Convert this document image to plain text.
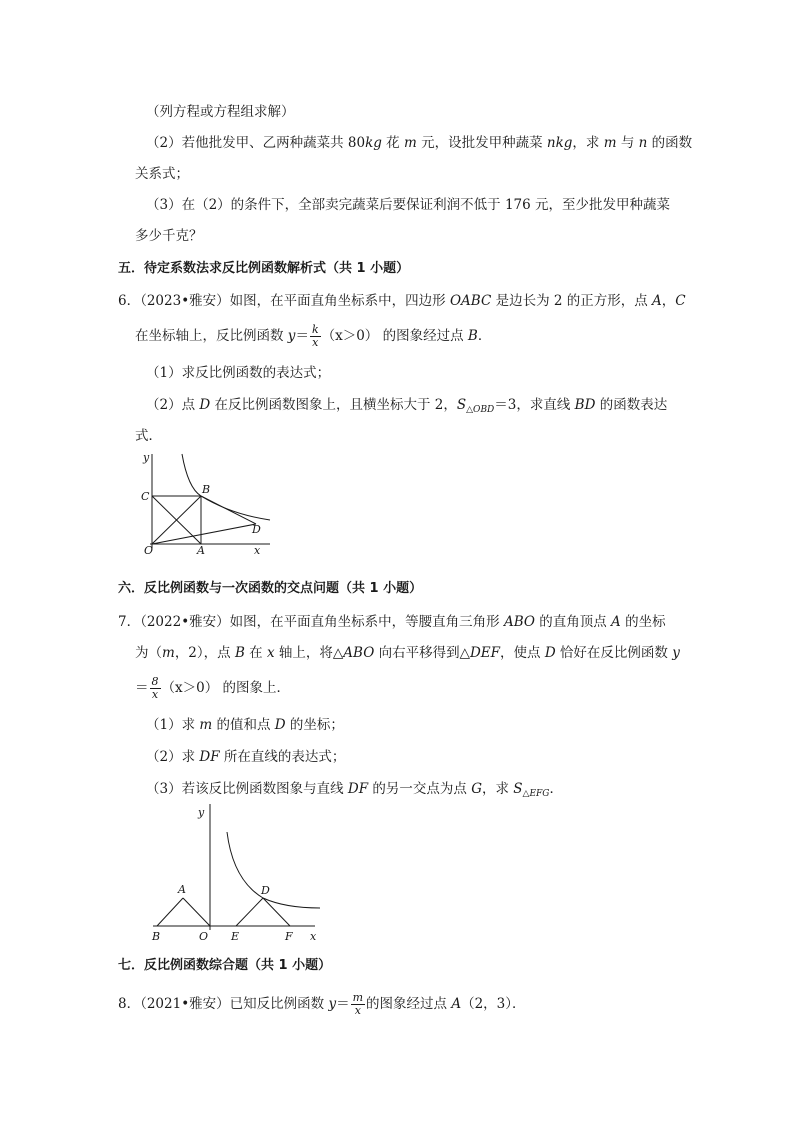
（列方程或方程组求解）
（2）若他批发甲、乙两种蔬菜共 80kg 花 m 元，设批发甲种蔬菜 nkg，求 m 与 n 的函数
关系式；
（3）在（2）的条件下，全部卖完蔬菜后要保证利润不低于 176 元，至少批发甲种蔬菜
多少千克？
五．待定系数法求反比例函数解析式（共 1 小题）
6．（2023•雅安）如图，在平面直角坐标系中，四边形 OABC 是边长为 2 的正方形，点 A，C
在坐标轴上，反比例函数 $y= \frac{k}{x} (x>0)$ 的图象经过点 B．
（1）求反比例函数的表达式；
（2）点 D 在反比例函数图象上，且横坐标大于 2，$S_{\triangle OBD}=3$，求直线 BD 的函数表达
式．
y
C
B
D
O	A	x
六．反比例函数与一次函数的交点问题（共 1 小题）
7．（2022•雅安）如图，在平面直角坐标系中，等腰直角三角形 ABO 的直角顶点 A 的坐标
为（m，2），点 B 在 x 轴上，将△ABO 向右平移得到△DEF，使点 D 恰好在反比例函数 y
＝ $\frac{8}{x} (x>0)$ 的图象上．
（1）求 m 的值和点 D 的坐标；
（2）求 DF 所在直线的表达式；
（3）若该反比例函数图象与直线 DF 的另一交点为点 G，求 $S_{\triangle EFG}$．
y
A	D
B	O E	F x
七．反比例函数综合题（共 1 小题）
8．（2021•雅安）已知反比例函数 $y= \frac{m}{x}$ 的图象经过点 A（2，3）．
